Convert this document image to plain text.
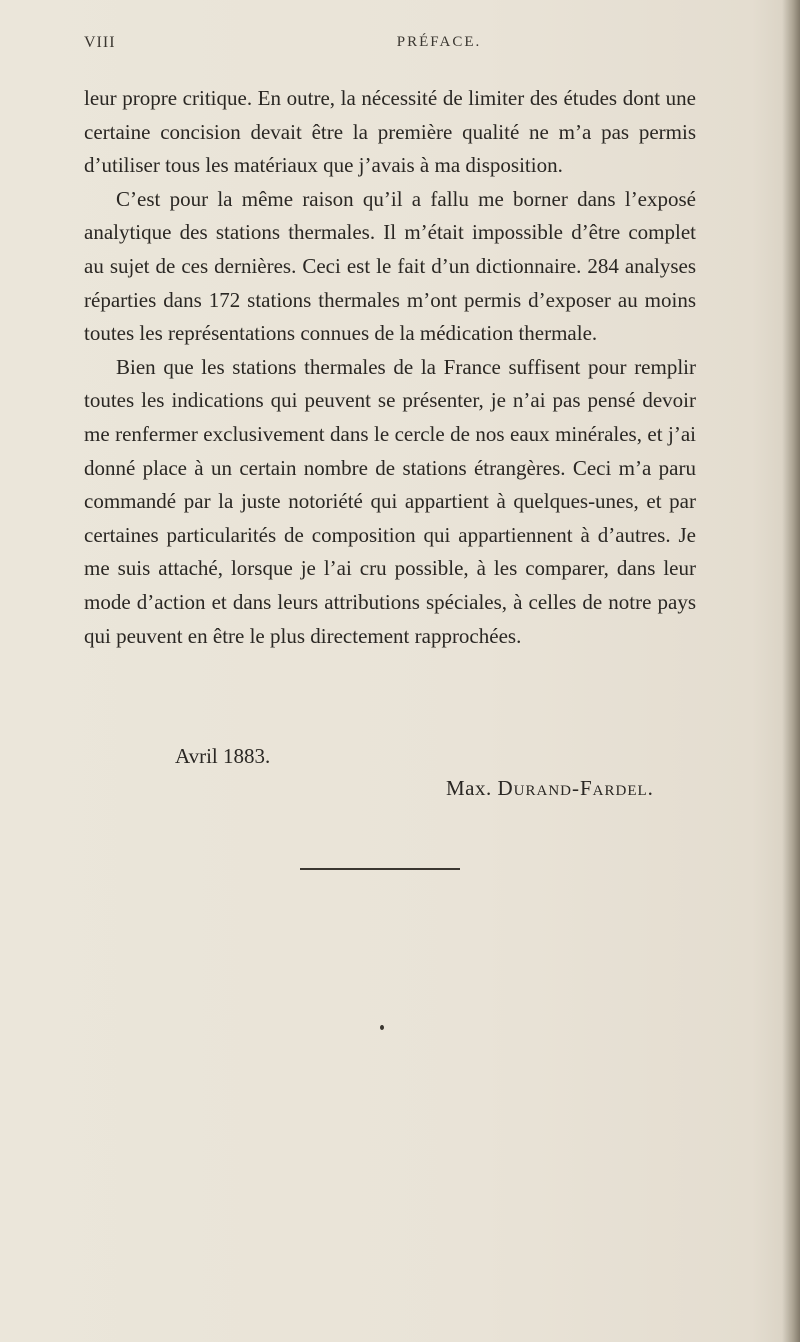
VIII	PRÉFACE.

leur propre critique. En outre, la nécessité de limiter des études dont une certaine concision devait être la première qualité ne m’a pas permis d’utiliser tous les matériaux que j’avais à ma disposition.

C’est pour la même raison qu’il a fallu me borner dans l’exposé analytique des stations thermales. Il m’était impossible d’être complet au sujet de ces dernières. Ceci est le fait d’un dictionnaire. 284 analyses réparties dans 172 stations thermales m’ont permis d’exposer au moins toutes les représentations connues de la médication thermale.

Bien que les stations thermales de la France suffisent pour remplir toutes les indications qui peuvent se présenter, je n’ai pas pensé devoir me renfermer exclusivement dans le cercle de nos eaux minérales, et j’ai donné place à un certain nombre de stations étrangères. Ceci m’a paru commandé par la juste notoriété qui appartient à quelques-unes, et par certaines particularités de composition qui appartiennent à d’autres. Je me suis attaché, lorsque je l’ai cru possible, à les comparer, dans leur mode d’action et dans leurs attributions spéciales, à celles de notre pays qui peuvent en être le plus directement rapprochées.

Avril 1883.
Max. Durand-Fardel.
